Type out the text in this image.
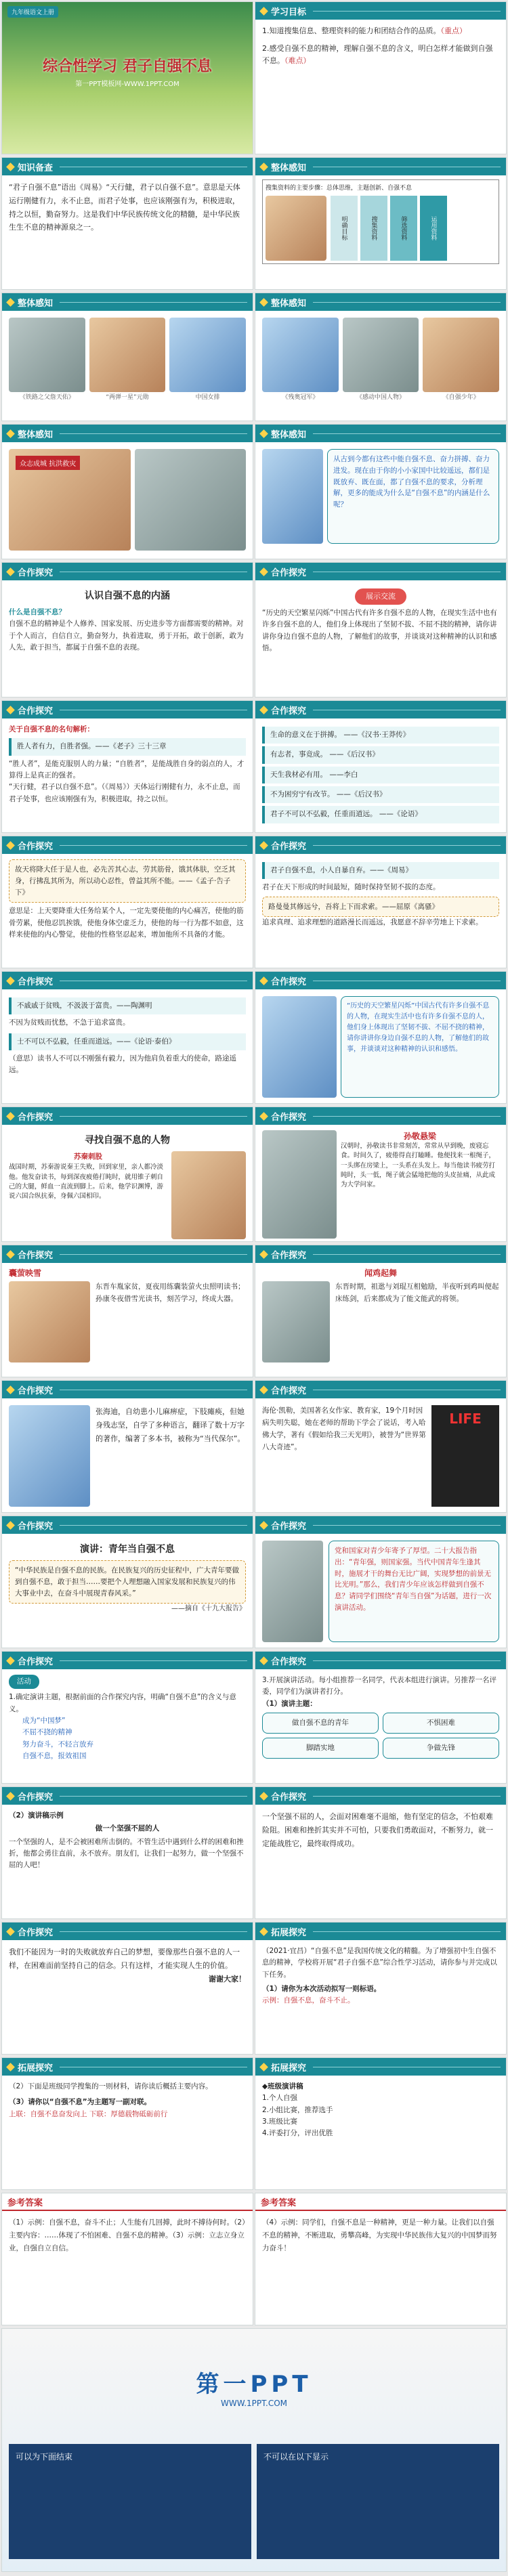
九年级语文上册
综合性学习 君子自强不息
第一PPT模板网-WWW.1PPT.COM
学习目标

1.知道搜集信息、整理资料的能力和团结合作的品质。（重点）

2.感受自强不息的精神，理解自强不息的含义，明白怎样才能做到自强不息。（难点）

知识备查
“君子自强不息”语出《周易》“天行健，君子以自强不息”。意思是天体运行刚健有力，永不止息，而君子处事，也应该刚强有为，积极进取，持之以恒，勤奋努力。这是我们中华民族传统文化的精髓，是中华民族生生不息的精神源泉之一。
整体感知
搜集资料的主要步骤：总体思维，主题创新、自强不息
明确目标	搜集资料	筛选资料	运用资料
整体感知
《铁路之父詹天佑》	“两弹一星”元勋	中国女排
整体感知
《残奥冠军》	《感动中国人物》	《自强少年》
整体感知
众志成城 抗洪救灾
整体感知
从古到今都有这些中能自强不息、奋力拼搏、奋力进发。现在由于你的小小家国中比较遥远，都们是既放弃、既在面，都了自强不息的要求，分析理解，更多的能成为什么是“自强不息”的内涵是什么呢？
合作探究
认识自强不息的内涵
什么是自强不息？
自强不息的精神是个人修养、国家发展、历史进步等方面都需要的精神。对于个人而言，自信自立，勤奋努力，执着进取，勇于开拓，敢于创新，敢为人先，敢于担当，都属于自强不息的表现。
合作探究
展示交流
“历史的天空繁星闪烁”中国古代有许多自强不息的人物，在现实生活中也有许多自强不息的人，他们身上体现出了坚韧不拔、不屈不挠的精神，请你讲讲你身边自强不息的人物，了解他们的故事，并谈谈对这种精神的认识和感悟。
合作探究
关于自强不息的名句解析：
胜人者有力，自胜者强。——《老子》三十三章
“胜人者”，是能克服别人的力量；“自胜者”，是能战胜自身的弱点的人，才算得上是真正的强者。
“天行健，君子以自强不息”。（《周易》）天体运行刚健有力，永不止息，而君子处事，也应该刚强有为，积极进取，持之以恒。
合作探究
生命的意义在于拼搏。 ——《汉书·王莽传》
有志者，事竟成。 ——《后汉书》
天生我材必有用。 ——李白
不为困穷宁有改节。 ——《后汉书》
君子不可以不弘毅，任重而道远。 ——《论语》
合作探究
故天将降大任于是人也，必先苦其心志，劳其筋骨，饿其体肤，空乏其身，行拂乱其所为，所以动心忍性，曾益其所不能。——《孟子·告子下》
意思是：上天要降重大任务给某个人，一定先要使他的内心痛苦，使他的筋骨劳累，使他忍饥挨饿，使他身体空虚乏力，使他的每一行为都不如意，这样来使他的内心警觉，使他的性格坚忍起来，增加他所不具备的才能。
合作探究
君子自强不息，小人自暴自弃。——《周易》
君子在天下形成的时间最短，随时保持坚韧不拔的态度。
路曼曼其修远兮，吾将上下而求索。——屈原《离骚》
追求真理、追求理想的道路漫长而遥远，我愿意不辞辛劳地上下求索。
合作探究
不戚戚于贫贱，不汲汲于富贵。——陶渊明
不因为贫贱而忧愁，不急于追求富贵。
士不可以不弘毅，任重而道远。——《论语·泰伯》
（意思）读书人不可以不刚强有毅力，因为他肩负着重大的使命，路途遥远。
合作探究
“历史的天空繁星闪烁”中国古代有许多自强不息的人物，在现实生活中也有许多自强不息的人，他们身上体现出了坚韧不拔、不屈不挠的精神，请你讲讲你身边自强不息的人物，了解他们的故事，并谈谈对这种精神的认识和感悟。
合作探究
寻找自强不息的人物
苏秦刺股
战国时期，苏秦游说秦王失败，回到家里，亲人都冷淡他。他发奋读书，每到深夜疲倦打盹时，就用锥子刺自己的大腿，鲜血一直流到脚上。后来，他学识渊博，游说六国合纵抗秦，身佩六国相印。
合作探究
孙敬悬梁
汉朝时，孙敬读书非常刻苦，常常从早到晚，废寝忘食。时间久了，疲倦得直打瞌睡。他便找来一根绳子，一头绑在房梁上，一头系在头发上。每当他读书疲劳打盹时，头一低，绳子就会猛地把他的头皮扯痛，从此成为大学问家。
合作探究
囊萤映雪
东晋车胤家贫，夏夜用练囊装萤火虫照明读书；孙康冬夜借雪光读书，刻苦学习，终成大器。
合作探究
闻鸡起舞
东晋时期，祖逖与刘琨互相勉励，半夜听到鸡叫便起床练剑，后来都成为了能文能武的将领。
合作探究
张海迪，自幼患小儿麻痹症，下肢瘫痪，但她身残志坚，自学了多种语言，翻译了数十万字的著作，编著了多本书，被称为“当代保尔”。
合作探究
海伦·凯勒，美国著名女作家、教育家，19个月时因病失明失聪，她在老师的帮助下学会了说话，考入哈佛大学，著有《假如给我三天光明》，被誉为“世界第八大奇迹”。
LIFE
合作探究
演讲：青年当自强不息
“中华民族是自强不息的民族。在民族复兴的历史征程中，广大青年要做到自强不息，敢于担当……要把个人理想融入国家发展和民族复兴的伟大事业中去，在奋斗中展现青春风采。”
——摘自《十九大报告》
合作探究
党和国家对青少年寄予了厚望。二十大报告指出：“青年强，则国家强。当代中国青年生逢其时，施展才干的舞台无比广阔，实现梦想的前景无比光明。”那么，我们青少年应该怎样做到自强不息？请同学们围绕“青年当自强”为话题，进行一次演讲活动。
合作探究
活动
1.确定演讲主题，根据前面的合作探究内容，明确“自强不息”的含义与意义。
成为“中国梦”
不屈不挠的精神
努力奋斗，不轻言放弃
自强不息，报效祖国
合作探究
3.开展演讲活动。每小组推荐一名同学，代表本组进行演讲。另推荐一名评委，同学们为演讲者打分。
（1）演讲主题：
做自强不息的青年	不惧困难
脚踏实地	争做先锋
合作探究
（2）演讲稿示例
做一个坚强不屈的人
一个坚强的人，是不会被困难所击倒的。不管生活中遇到什么样的困难和挫折，他都会勇往直前，永不放弃。朋友们，让我们一起努力，做一个坚强不屈的人吧！
合作探究
一个坚强不屈的人，会面对困难毫不退缩，他有坚定的信念，不怕艰难险阻。困难和挫折其实并不可怕，只要我们勇敢面对，不断努力，就一定能战胜它，最终取得成功。
合作探究
我们不能因为一时的失败就放弃自己的梦想，要像那些自强不息的人一样，在困难面前坚持自己的信念。只有这样，才能实现人生的价值。
谢谢大家！
拓展探究
（2021·宜昌）“自强不息”是我国传统文化的精髓。为了增强初中生自强不息的精神，学校将开展“君子自强不息”综合性学习活动，请你参与并完成以下任务。
（1）请你为本次活动拟写一则标语。
示例：自强不息，奋斗不止。
拓展探究
（2）下面是班级同学搜集的一则材料，请你读后概括主要内容。
（3）请你以“自强不息”为主题写一副对联。
上联：自强不息奋发向上 下联：厚德载物砥砺前行
拓展探究
◆班级演讲稿
1.个人自强
2.小组比赛，推荐选手
3.班级比赛
4.评委打分，评出优胜
参考答案
（1）示例：自强不息，奋斗不止；人生能有几回搏，此时不搏待何时。（2）主要内容：……体现了不怕困难、自强不息的精神。（3）示例：立志立身立业，自强自立自信。
参考答案
（4）示例：同学们，自强不息是一种精神，更是一种力量。让我们以自强不息的精神，不断进取，勇攀高峰，为实现中华民族伟大复兴的中国梦而努力奋斗！
第一PPT
WWW.1PPT.COM
可以为下面结束	不可以在以下显示
